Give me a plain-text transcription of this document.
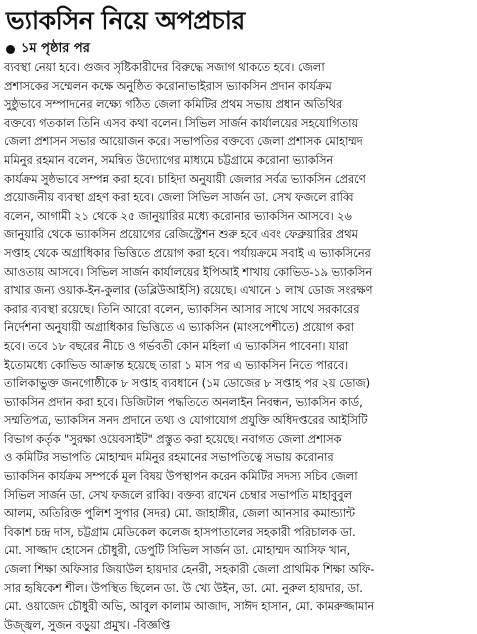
ভ্যাকসিন নিয়ে অপপ্রচার
১ম পৃষ্ঠার পর
ব্যবস্থা নেয়া হবে। গুজব সৃষ্টিকারীদের বিরুদ্ধে সজাগ থাকতে হবে। জেলা
প্রশাসকের সম্মেলন কক্ষে অনুষ্ঠিত করোনাভাইরাস ভ্যাকসিন প্রদান কার্যক্রম
সুষ্ঠুভাবে সম্পাদনের লক্ষ্যে গঠিত জেলা কমিটির প্রথম সভায় প্রধান অতিথির
বক্তব্যে গতকাল তিনি এসব কথা বলেন। সিভিল সার্জন কার্যালয়ের সহযোগিতায়
জেলা প্রশাসন সভার আয়োজন করে। সভাপতির বক্তব্যে জেলা প্রশাসক মোহাম্মদ
মমিনুর রহমান বলেন, সমন্বিত উদ্যোগের মাধ্যমে চট্টগ্রামে করোনা ভ্যাকসিন
কার্যক্রম সুষ্ঠভাবে সম্পন্ন করা হবে। চাহিদা অনুযায়ী জেলার সর্বত্র ভ্যাকসিন প্রেরণে
প্রয়োজনীয় ব্যবস্থা গ্রহণ করা হবে। জেলা সিভিল সার্জন ডা. সেখ ফজলে রাব্বি
বলেন, আগামী ২১ থেকে ২৫ জানুয়ারির মধ্যে করোনার ভ্যাকসিন আসবে। ২৬
জানুয়ারি থেকে ভ্যাকসিন প্রয়োগের রেজিস্ট্রেশন শুরু হবে এবং ফেব্রুয়ারির প্রথম
সপ্তাহ থেকে অগ্রাধিকার ভিত্তিতে প্রয়োগ করা হবে। পর্যায়ক্রমে সবাই এ ভ্যাকসিনের
আওতায় আসবে। সিভিল সার্জন কার্যালয়ের ইপিআই শাখায় কোভিড-১৯ ভ্যাকসিন
রাখার জন্য ওয়াক-ইন-কুলার (ডব্লিউআইসি) রয়েছে। এখানে ১ লাখ ডোজ সংরক্ষণ
করার ব্যবস্থা রয়েছে। তিনি আরো বলেন, ভ্যাকসিন আসার সাথে সাথে সরকারের
নির্দেশনা অনুযায়ী অগ্রাধিকার ভিত্তিতে এ ভ্যাকসিন (মাংসপেশীতে) প্রয়োগ করা
হবে। তবে ১৮ বছরের নীচে ও গর্ভবতী কোন মহিলা এ ভ্যাকসিন পাবেনা। যারা
ইতোমধ্যে কোভিড আক্রান্ত হয়েছে তারা ১ মাস পর এ ভ্যাকসিন নিতে পারবে।
তালিকাভুক্ত জনগোষ্ঠীকে ৮ সপ্তাহ ব্যবধানে (১ম ডোজের ৮ সপ্তাহ পর ২য় ডোজ)
ভ্যাকসিন প্রদান করা হবে। ডিজিটাল পদ্ধতিতে অনলাইন নিবন্ধন, ভ্যাকসিন কার্ড,
সম্মতিপত্র, ভ্যাকসিন সনদ প্রদানে তথ্য ও যোগাযোগ প্রযুক্তি অধিদপ্তরের আইসিটি
বিভাগ কর্তৃক "সুরক্ষা ওয়েবসাইট" প্রস্তুত করা হয়েছে। নবাগত জেলা প্রশাসক
ও কমিটির সভাপতি মোহাম্মদ মমিনুর রহমানের সভাপতিত্বে সভায় করোনার
ভ্যাকসিন কার্যক্রম সম্পর্কে মূল বিষয় উপস্থাপন করেন কমিটির সদস্য সচিব জেলা
সিভিল সার্জন ডা. সেখ ফজলে রাব্বি। বক্তব্য রাখেন চেম্বার সভাপতি মাহাবুবুল
আলম, অতিরিক্ত পুলিশ সুপার (সদর) মো. জাহাঙ্গীর, জেলা আনসার কমান্ড্যান্ট
বিকাশ চন্দ্র দাস, চট্টগ্রাম মেডিকেল কলেজ হাসপাতালের সহকারী পরিচালক ডা.
মো. সাজ্জাদ হোসেন চৌধুরী, ডেপুটি সিভিল সার্জন ডা. মোহাম্মদ আসিফ খান,
জেলা শিক্ষা অফিসার জিয়াউল হায়দার হেনরী, সহকারী জেলা প্রাথমিক শিক্ষা অফি-
সার হৃষিকেশ শীল। উপস্থিত ছিলেন ডা. উ খ্যে উইন, ডা. মো. নুরুল হায়দার, ডা.
মো. ওয়াজেদ চৌধুরী অভি, আবুল কালাম আজাদ, সাঈদ হাসান, মো. কামরুজ্জামান
উজ্জ্বল, সুজন বড়ুয়া প্রমুখ। -বিজ্ঞপ্তি
